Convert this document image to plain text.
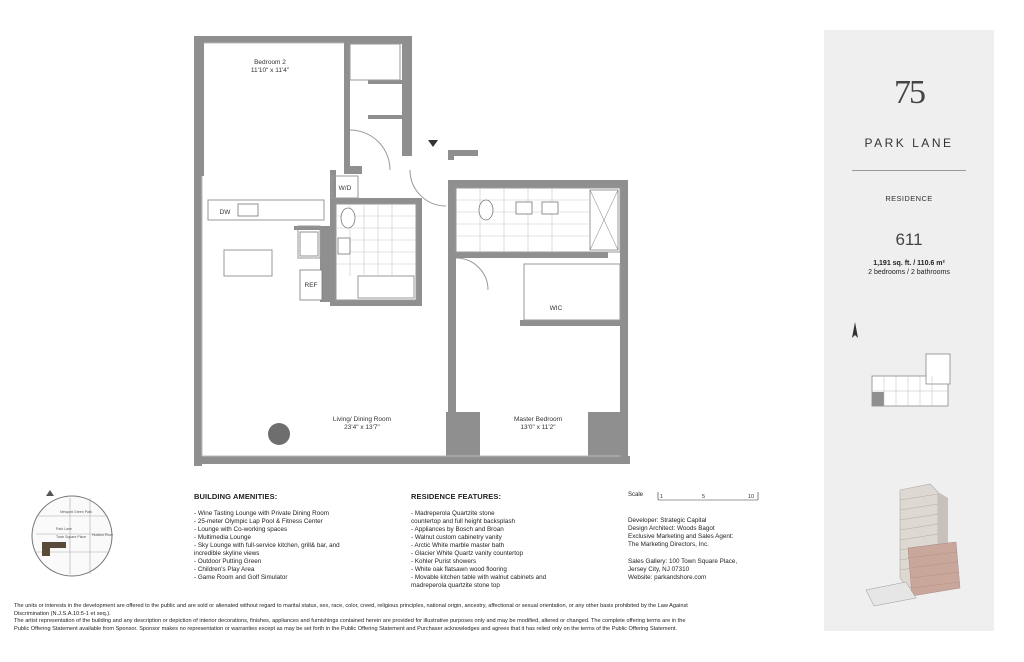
Bedroom 2
11'10" x 11'4"
Living/ Dining Room
23'4" x 13'7"
Master Bedroom
13'0" x 11'2"
W/D
DW
REF
WIC
Newport Green Park
Park Lane
Town Square Place Hudson River
BUILDING AMENITIES:
- Wine Tasting Lounge with Private Dining Room
- 25-meter Olympic Lap Pool & Fitness Center
- Lounge with Co-working spaces
- Multimedia Lounge
- Sky Lounge with full-service kitchen, grill& bar, and
incredible skyline views
- Outdoor Putting Green
- Children's Play Area
- Game Room and Golf Simulator
RESIDENCE FEATURES:
- Madreperola Quartzite stone
countertop and full height backsplash
- Appliances by Bosch and Broan
- Walnut custom cabinetry vanity
- Arctic White marble master bath
- Glacier White Quartz vanity countertop
- Kohler Purist showers
- White oak flatsawn wood flooring
- Movable kitchen table with walnut cabinets and
madreperola quartzite stone top
Scale	1	5	10
Developer: Strategic Capital
Design Architect: Woods Bagot
Exclusive Marketing and Sales Agent:
The Marketing Directors, Inc.
Sales Gallery: 100 Town Square Place,
Jersey City, NJ 07310
Website: parkandshore.com
75
PARK LANE
RESIDENCE
611
1,191 sq. ft. / 110.6 m²
2 bedrooms / 2 bathrooms
The units or interests in the development are offered to the public and are sold or alienated without regard to marital status, sex, race, color, creed, religious principles, national origin, ancestry, affectional or sexual orientation, or any other basis prohibited by the Law Against
Discrimination (N.J.S.A.10:5-1 et seq.).
The artist representation of the building and any description or depiction of interior decorations, finishes, appliances and furnishings contained herein are provided for illustrative purposes only and may be modified, altered or changed. The complete offering terms are in the
Public Offering Statement available from Sponsor. Sponsor makes no representation or warranties except as may be set forth in the Public Offering Statement and Purchaser acknowledges and agrees that it has relied only on the terms of the Public Offering Statement.
